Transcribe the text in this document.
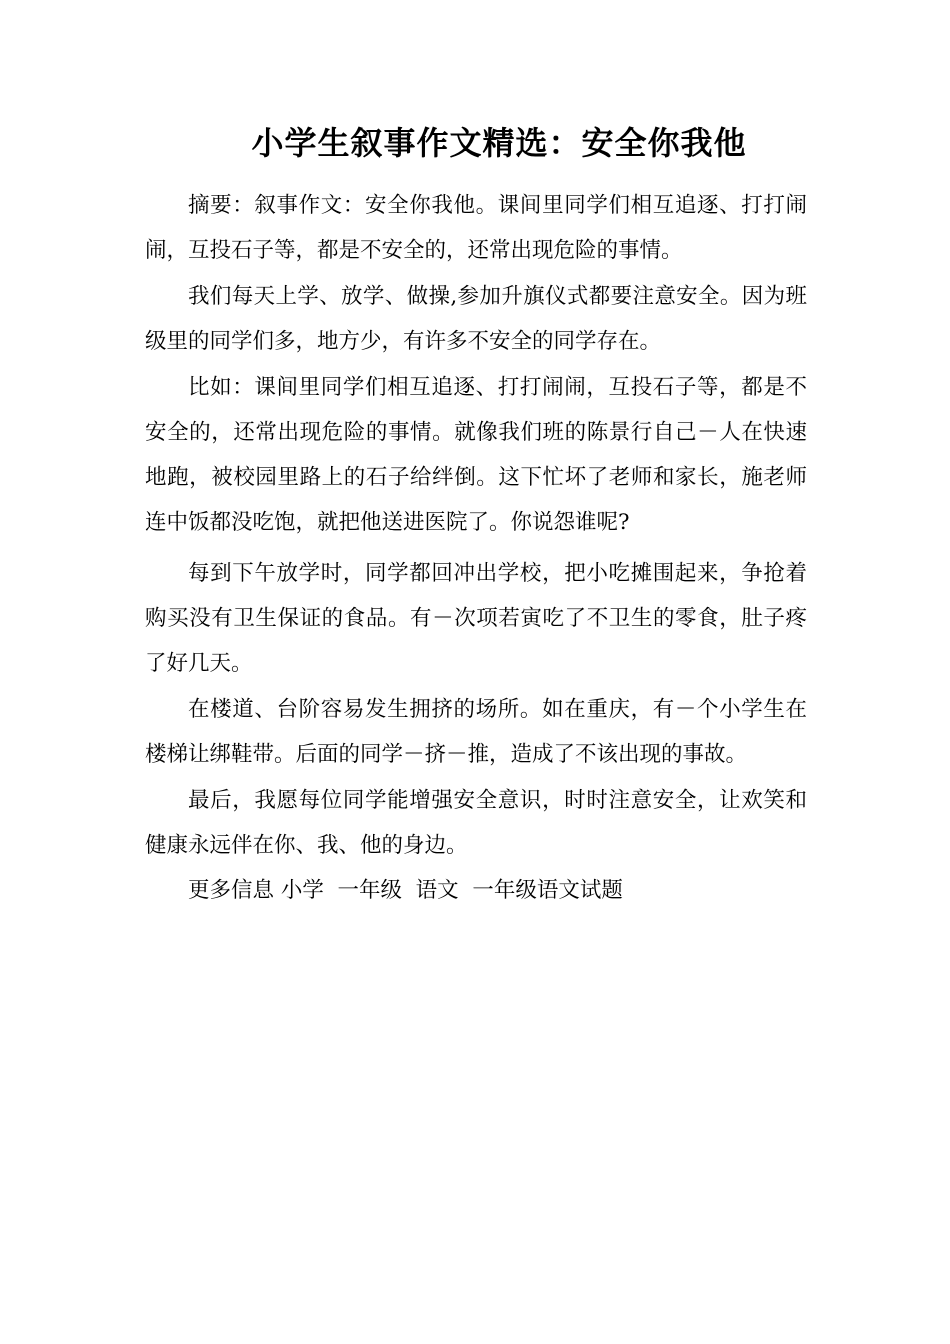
小学生叙事作文精选：安全你我他

摘要：叙事作文：安全你我他。课间里同学们相互追逐、打打闹闹，互投石子等，都是不安全的，还常出现危险的事情。

我们每天上学、放学、做操,参加升旗仪式都要注意安全。因为班级里的同学们多，地方少，有许多不安全的同学存在。

比如：课间里同学们相互追逐、打打闹闹，互投石子等，都是不安全的，还常出现危险的事情。就像我们班的陈景行自己－人在快速地跑，被校园里路上的石子给绊倒。这下忙坏了老师和家长，施老师连中饭都没吃饱，就把他送进医院了。你说怨谁呢?

每到下午放学时，同学都回冲出学校，把小吃摊围起来，争抢着购买没有卫生保证的食品。有－次项若寅吃了不卫生的零食，肚子疼了好几天。

在楼道、台阶容易发生拥挤的场所。如在重庆，有－个小学生在楼梯让绑鞋带。后面的同学－挤－推，造成了不该出现的事故。

最后，我愿每位同学能增强安全意识，时时注意安全，让欢笑和健康永远伴在你、我、他的身边。

更多信息 小学  一年级  语文  一年级语文试题
